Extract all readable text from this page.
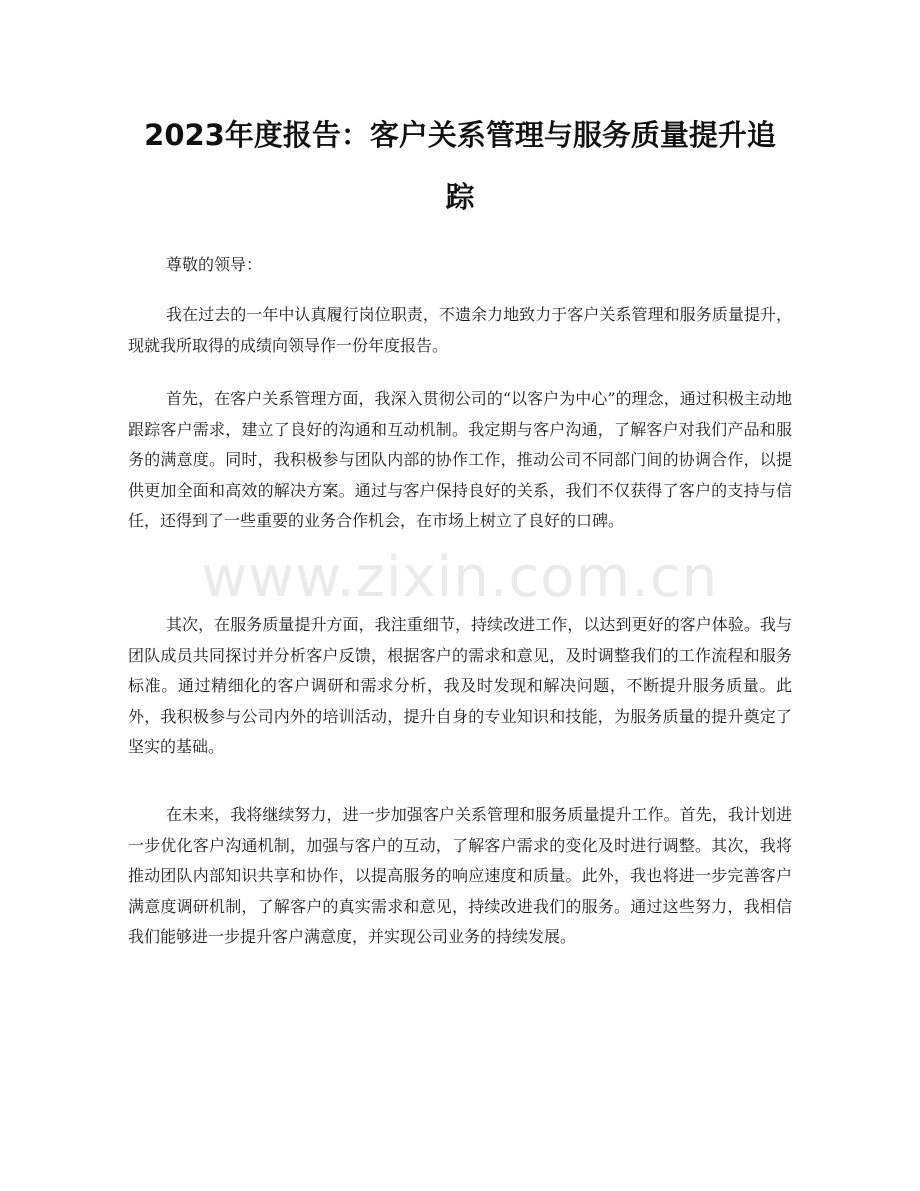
2023年度报告：客户关系管理与服务质量提升追踪

尊敬的领导：

我在过去的一年中认真履行岗位职责，不遗余力地致力于客户关系管理和服务质量提升，现就我所取得的成绩向领导作一份年度报告。

首先，在客户关系管理方面，我深入贯彻公司的“以客户为中心”的理念，通过积极主动地跟踪客户需求，建立了良好的沟通和互动机制。我定期与客户沟通，了解客户对我们产品和服务的满意度。同时，我积极参与团队内部的协作工作，推动公司不同部门间的协调合作，以提供更加全面和高效的解决方案。通过与客户保持良好的关系，我们不仅获得了客户的支持与信任，还得到了一些重要的业务合作机会，在市场上树立了良好的口碑。

其次，在服务质量提升方面，我注重细节，持续改进工作，以达到更好的客户体验。我与团队成员共同探讨并分析客户反馈，根据客户的需求和意见，及时调整我们的工作流程和服务标准。通过精细化的客户调研和需求分析，我及时发现和解决问题，不断提升服务质量。此外，我积极参与公司内外的培训活动，提升自身的专业知识和技能，为服务质量的提升奠定了坚实的基础。

在未来，我将继续努力，进一步加强客户关系管理和服务质量提升工作。首先，我计划进一步优化客户沟通机制，加强与客户的互动，了解客户需求的变化及时进行调整。其次，我将推动团队内部知识共享和协作，以提高服务的响应速度和质量。此外，我也将进一步完善客户满意度调研机制，了解客户的真实需求和意见，持续改进我们的服务。通过这些努力，我相信我们能够进一步提升客户满意度，并实现公司业务的持续发展。

www.zixin.com.cn
